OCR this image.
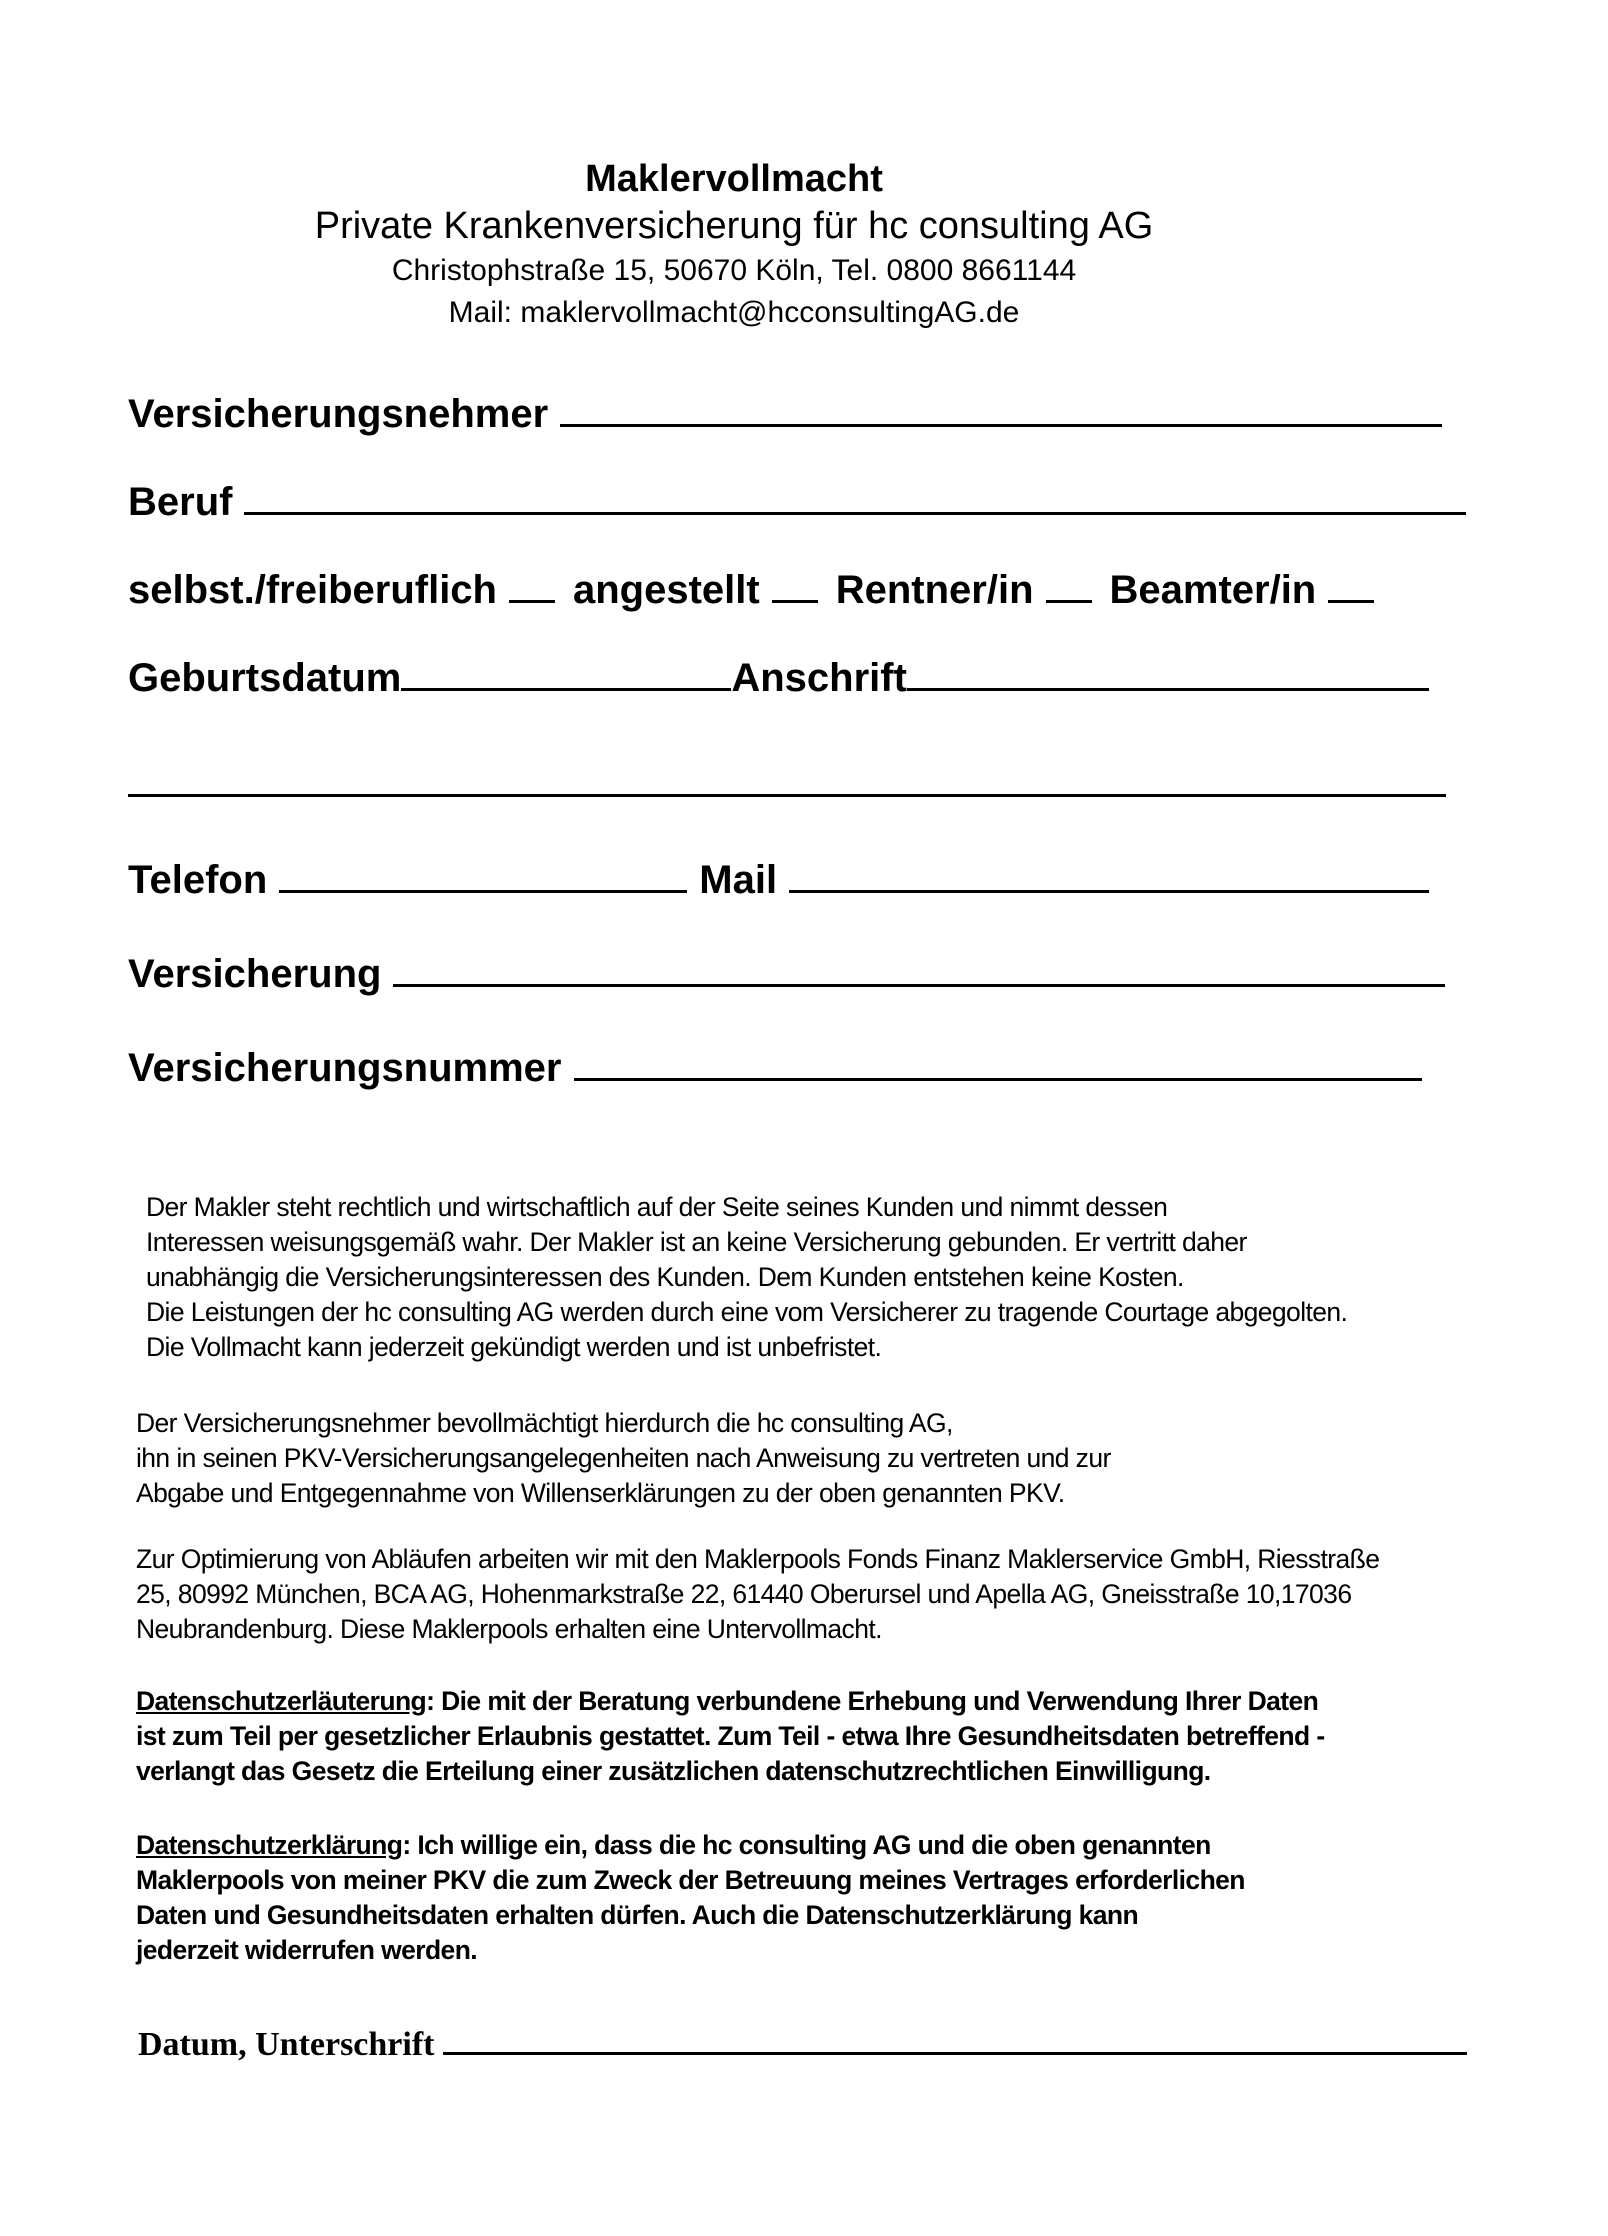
Maklervollmacht
Private Krankenversicherung für hc consulting AG
Christophstraße 15, 50670 Köln, Tel. 0800 8661144
Mail: maklervollmacht@hcconsultingAG.de
Versicherungsnehmer
Beruf
selbst./freiberuflich angestellt Rentner/in Beamter/in
Geburtsdatum	Anschrift
Telefon	Mail
Versicherung
Versicherungsnummer
Der Makler steht rechtlich und wirtschaftlich auf der Seite seines Kunden und nimmt dessen
Interessen weisungsgemäß wahr. Der Makler ist an keine Versicherung gebunden. Er vertritt daher
unabhängig die Versicherungsinteressen des Kunden. Dem Kunden entstehen keine Kosten.
Die Leistungen der hc consulting AG werden durch eine vom Versicherer zu tragende Courtage abgegolten.
Die Vollmacht kann jederzeit gekündigt werden und ist unbefristet.
Der Versicherungsnehmer bevollmächtigt hierdurch die hc consulting AG,
ihn in seinen PKV-Versicherungsangelegenheiten nach Anweisung zu vertreten und zur
Abgabe und Entgegennahme von Willenserklärungen zu der oben genannten PKV.
Zur Optimierung von Abläufen arbeiten wir mit den Maklerpools Fonds Finanz Maklerservice GmbH, Riesstraße
25, 80992 München, BCA AG, Hohenmarkstraße 22, 61440 Oberursel und Apella AG, Gneisstraße 10,17036
Neubrandenburg. Diese Maklerpools erhalten eine Untervollmacht.
Datenschutzerläuterung: Die mit der Beratung verbundene Erhebung und Verwendung Ihrer Daten
ist zum Teil per gesetzlicher Erlaubnis gestattet. Zum Teil - etwa Ihre Gesundheitsdaten betreffend -
verlangt das Gesetz die Erteilung einer zusätzlichen datenschutzrechtlichen Einwilligung.
Datenschutzerklärung: Ich willige ein, dass die hc consulting AG und die oben genannten
Maklerpools von meiner PKV die zum Zweck der Betreuung meines Vertrages erforderlichen
Daten und Gesundheitsdaten erhalten dürfen. Auch die Datenschutzerklärung kann
jederzeit widerrufen werden.
Datum, Unterschrift
